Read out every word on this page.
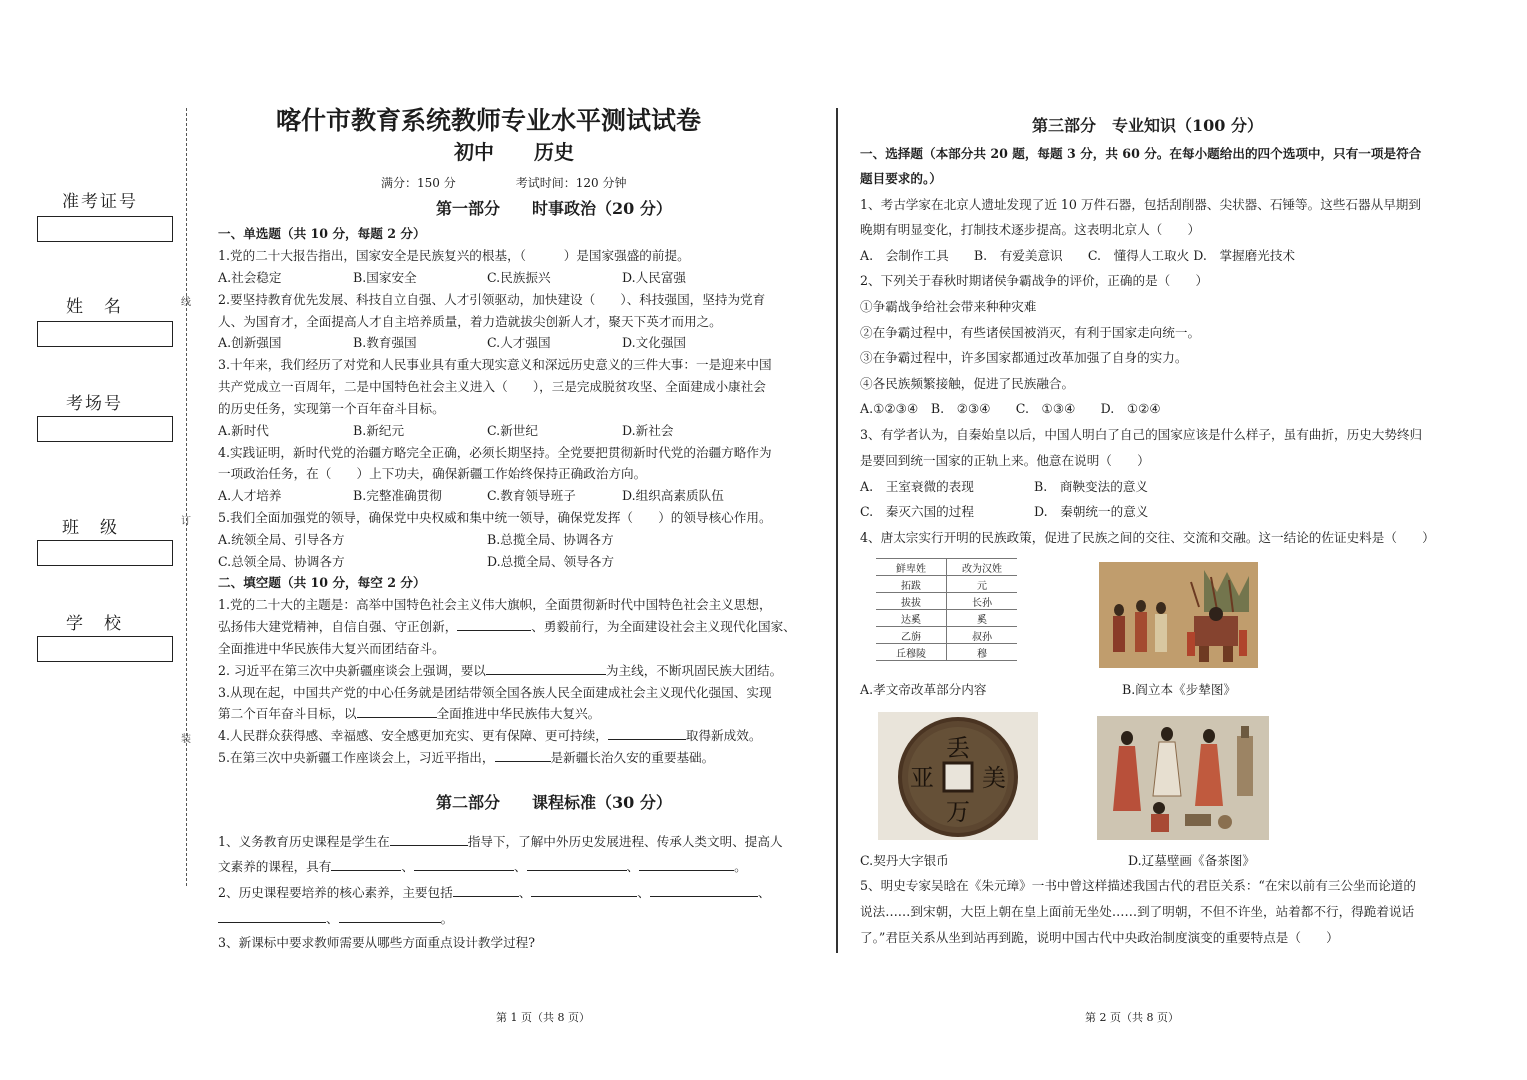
线
订
装
准考证号
姓　名
考场号
班　级
学　校
喀什市教育系统教师专业水平测试试卷
初中　　历史
满分：150 分　　　　　考试时间：120 分钟
第一部分　　时事政治（20 分）
一、单选题（共 10 分，每题 2 分）
1.党的二十大报告指出，国家安全是民族复兴的根基，（　　　）是国家强盛的前提。
A.社会稳定	B.国家安全	C.民族振兴	D.人民富强
2.要坚持教育优先发展、科技自立自强、人才引领驱动，加快建设（　　）、科技强国，坚持为党育
人、为国育才，全面提高人才自主培养质量，着力造就拔尖创新人才，聚天下英才而用之。
A.创新强国	B.教育强国	C.人才强国	D.文化强国
3.十年来，我们经历了对党和人民事业具有重大现实意义和深远历史意义的三件大事：一是迎来中国
共产党成立一百周年，二是中国特色社会主义进入（　　），三是完成脱贫攻坚、全面建成小康社会
的历史任务，实现第一个百年奋斗目标。
A.新时代	B.新纪元	C.新世纪	D.新社会
4.实践证明，新时代党的治疆方略完全正确，必须长期坚持。全党要把贯彻新时代党的治疆方略作为
一项政治任务，在（　　）上下功夫，确保新疆工作始终保持正确政治方向。
A.人才培养	B.完整准确贯彻	C.教育领导班子	D.组织高素质队伍
5.我们全面加强党的领导，确保党中央权威和集中统一领导，确保党发挥（　　）的领导核心作用。
A.统领全局、引导各方	B.总揽全局、协调各方
C.总领全局、协调各方	D.总揽全局、领导各方
二、填空题（共 10 分，每空 2 分）
1.党的二十大的主题是：高举中国特色社会主义伟大旗帜，全面贯彻新时代中国特色社会主义思想，
弘扬伟大建党精神，自信自强、守正创新，	、勇毅前行，为全面建设社会主义现代化国家、
全面推进中华民族伟大复兴而团结奋斗。
2. 习近平在第三次中央新疆座谈会上强调，要以	为主线，不断巩固民族大团结。
3.从现在起，中国共产党的中心任务就是团结带领全国各族人民全面建成社会主义现代化强国、实现
第二个百年奋斗目标，以	全面推进中华民族伟大复兴。
4.人民群众获得感、幸福感、安全感更加充实、更有保障、更可持续，	取得新成效。
5.在第三次中央新疆工作座谈会上，习近平指出，	是新疆长治久安的重要基础。
第二部分　　课程标准（30 分）
1、义务教育历史课程是学生在	指导下，了解中外历史发展进程、传承人类文明、提高人
文素养的课程，具有	、	、	、	。
2、历史课程要培养的核心素养，主要包括	、	、	、
、	。
3、新课标中要求教师需要从哪些方面重点设计教学过程?
第 1 页（共 8 页）
第三部分　专业知识（100 分）
一、选择题（本部分共 20 题，每题 3 分，共 60 分。在每小题给出的四个选项中，只有一项是符合
题目要求的。）
1、考古学家在北京人遗址发现了近 10 万件石器，包括刮削器、尖状器、石锤等。这些石器从早期到
晚期有明显变化，打制技术逐步提高。这表明北京人（　　）
A.　会制作工具　　B.　有爱美意识　　C.　懂得人工取火 D.　掌握磨光技术
2、下列关于春秋时期诸侯争霸战争的评价，正确的是（　　）
①争霸战争给社会带来种种灾难
②在争霸过程中，有些诸侯国被消灭，有利于国家走向统一。
③在争霸过程中，许多国家都通过改革加强了自身的实力。
④各民族频繁接触，促进了民族融合。
A.①②③④　B.　②③④　　C.　①③④　　D.　①②④
3、有学者认为，自秦始皇以后，中国人明白了自己的国家应该是什么样子，虽有曲折，历史大势终归
是要回到统一国家的正轨上来。他意在说明（　　）
A.　王室衰微的表现	B.　商鞅变法的意义
C.　秦灭六国的过程	D.　秦朝统一的意义
4、唐太宗实行开明的民族政策，促进了民族之间的交往、交流和交融。这一结论的佐证史料是（　　）
鲜卑姓	改为汉姓
拓跋	元
拔拔	长孙
达奚	奚
乙旃	叔孙
丘穆陵	穆
A.孝文帝改革部分内容	B.阎立本《步辇图》
丢
美
万
亚
C.契丹大字银币	D.辽墓壁画《备茶图》
5、明史专家吴晗在《朱元璋》一书中曾这样描述我国古代的君臣关系：“在宋以前有三公坐而论道的
说法……到宋朝，大臣上朝在皇上面前无坐处……到了明朝，不但不许坐，站着都不行，得跪着说话
了。”君臣关系从坐到站再到跪，说明中国古代中央政治制度演变的重要特点是（　　）
第 2 页（共 8 页）
